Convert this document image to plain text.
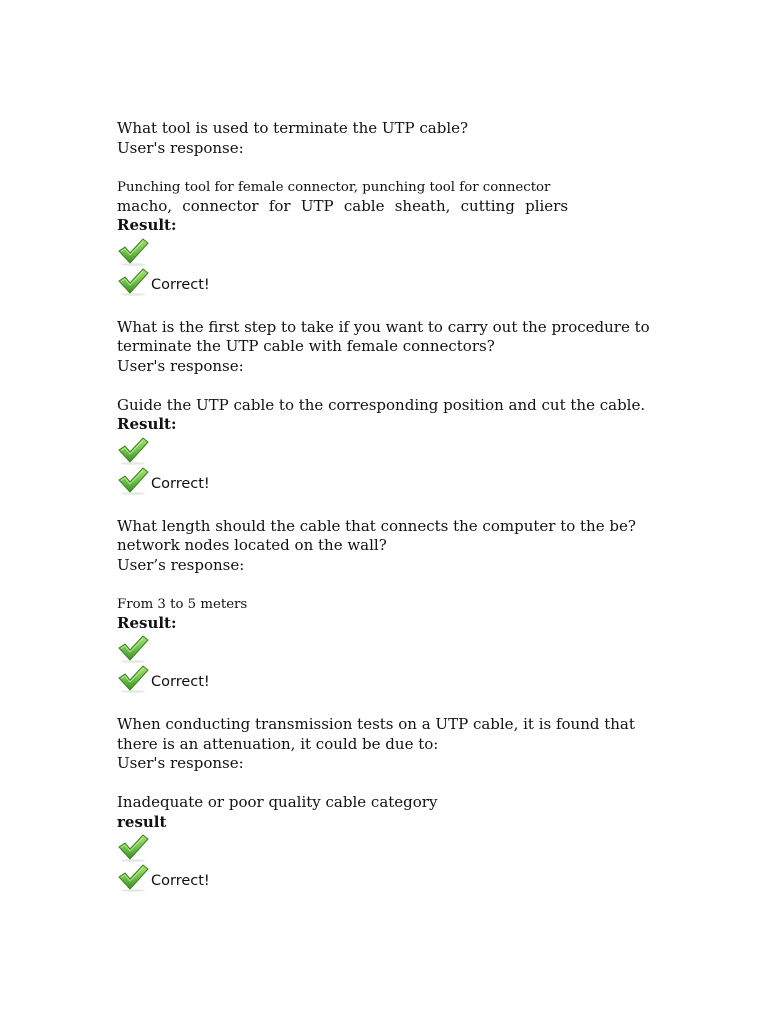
What tool is used to terminate the UTP cable?
User's response:
Punching tool for female connector, punching tool for connector
macho, connector for UTP cable sheath, cutting pliers
Result:
Correct!
What is the first step to take if you want to carry out the procedure to
terminate the UTP cable with female connectors?
User's response:
Guide the UTP cable to the corresponding position and cut the cable.
Result:
Correct!
What length should the cable that connects the computer to the be?
network nodes located on the wall?
User’s response:
From 3 to 5 meters
Result:
Correct!
When conducting transmission tests on a UTP cable, it is found that
there is an attenuation, it could be due to:
User's response:
Inadequate or poor quality cable category
result
Correct!
